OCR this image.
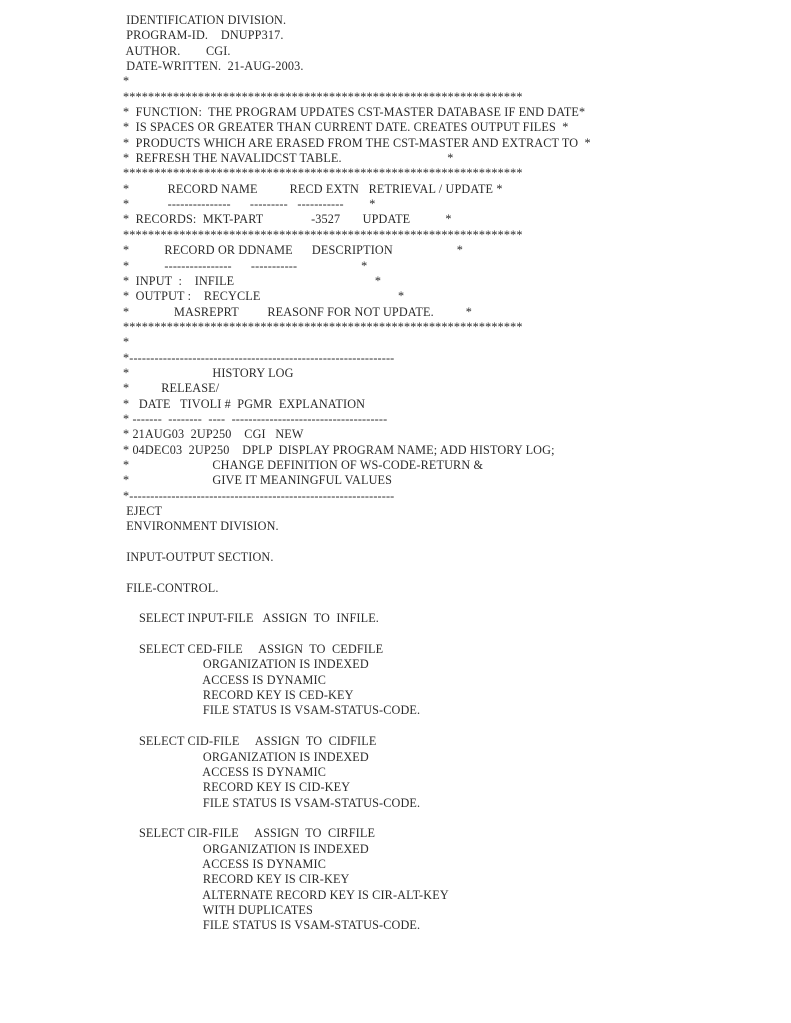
IDENTIFICATION DIVISION.
PROGRAM-ID.    DNUPP317.
AUTHOR.        CGI.
DATE-WRITTEN.  21-AUG-2003.
*
****************************************************************
*  FUNCTION:  THE PROGRAM UPDATES CST-MASTER DATABASE IF END DATE*
*  IS SPACES OR GREATER THAN CURRENT DATE. CREATES OUTPUT FILES  *
*  PRODUCTS WHICH ARE ERASED FROM THE CST-MASTER AND EXTRACT TO  *
*  REFRESH THE NAVALIDCST TABLE.                                 *
****************************************************************
*            RECORD NAME          RECD EXTN   RETRIEVAL / UPDATE *
*            ---------------      ---------   -----------        *
*  RECORDS:  MKT-PART               -3527       UPDATE           *
****************************************************************
*           RECORD OR DDNAME      DESCRIPTION                    *
*           ----------------      -----------                    *
*  INPUT  :    INFILE                                            *
*  OUTPUT :    RECYCLE                                           *
*              MASREPRT         REASONF FOR NOT UPDATE.          *
****************************************************************
*
*---------------------------------------------------------------
*                          HISTORY LOG
*          RELEASE/
*   DATE   TIVOLI #  PGMR  EXPLANATION
* -------  --------  ----  -------------------------------------
* 21AUG03  2UP250    CGI   NEW
* 04DEC03  2UP250    DPLP  DISPLAY PROGRAM NAME; ADD HISTORY LOG;
*                          CHANGE DEFINITION OF WS-CODE-RETURN &
*                          GIVE IT MEANINGFUL VALUES
*---------------------------------------------------------------
EJECT
ENVIRONMENT DIVISION.
INPUT-OUTPUT SECTION.
FILE-CONTROL.
SELECT INPUT-FILE   ASSIGN  TO  INFILE.
SELECT CED-FILE     ASSIGN  TO  CEDFILE
ORGANIZATION IS INDEXED
ACCESS IS DYNAMIC
RECORD KEY IS CED-KEY
FILE STATUS IS VSAM-STATUS-CODE.
SELECT CID-FILE     ASSIGN  TO  CIDFILE
ORGANIZATION IS INDEXED
ACCESS IS DYNAMIC
RECORD KEY IS CID-KEY
FILE STATUS IS VSAM-STATUS-CODE.
SELECT CIR-FILE     ASSIGN  TO  CIRFILE
ORGANIZATION IS INDEXED
ACCESS IS DYNAMIC
RECORD KEY IS CIR-KEY
ALTERNATE RECORD KEY IS CIR-ALT-KEY
WITH DUPLICATES
FILE STATUS IS VSAM-STATUS-CODE.
